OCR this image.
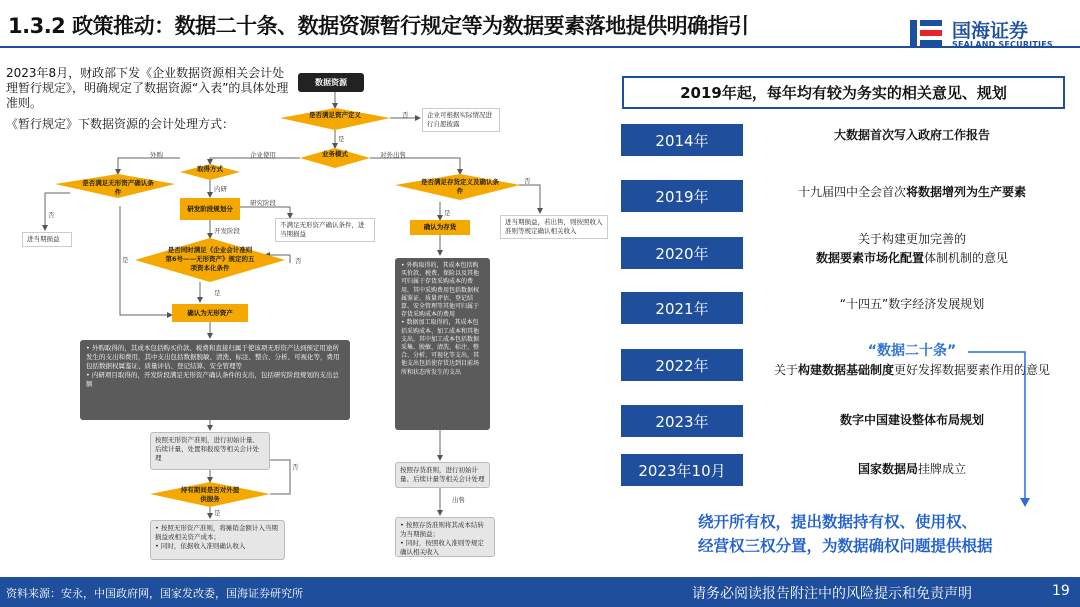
1.3.2 政策推动：数据二十条、数据资源暂行规定等为数据要素落地提供明确指引	国海证券
SEALAND SECURITIES

2023年8月，财政部下发《企业数据资源相关会计处理暂行规定》，明确规定了数据资源“入表”的具体处理准则。

《暂行规定》下数据资源的会计处理方式：

数据资源
是否满足资产定义	否	企业可根据实际情况进行自愿披露
是
业务模式
外购	企业使用	对外出售
取得方式
内研
是否满足无形资产确认条件
否
进当期损益
研究阶段
研发阶段规划分
不满足无形资产确认条件，进当期损益
开发阶段
是否同时满足《企业会计准则第6号——无形资产》规定的五项资本化条件
否
是
是
确认为无形资产
• 外购取得的，其成本包括购买价款、税费和直接归属于使该项无形资产达到预定用途所发生的支出和费用，其中支出包括数据脱敏、清洗、标注、整合、分析、可视化等，费用包括数据权属鉴证、质量评估、登记结算、安全管理等
• 内研项目取得的，开发阶段满足无形资产确认条件的支出，包括研究阶段规划的支出总额
按照无形资产准则，进行初始计量、后续计量、处置和报废等相关会计处理
持有期间是否对外提供服务
否
是
• 按照无形资产准则，将摊销金额计入当期损益或相关资产成本；
• 同时，依据收入准则确认收入
是否满足存货定义及确认条件
否
进当期损益，若出售，则按照收入准则等规定确认相关收入
是
确认为存货
• 外购取得的，其成本包括购买价款、税费、保险以及其他可归属于存货采购成本的费用，其中采购费用包括数据权属鉴证、质量评估、登记结算、安全管理等其他可归属于存货采购成本的费用
• 数据加工取得的，其成本包括采购成本、加工成本和其他支出，其中加工成本包括数据采集、脱敏、清洗、标注、整合、分析、可视化等支出，其他支出包括使存货达到目前场所和状态所发生的支出
按照存货准则，进行初始计量、后续计量等相关会计处理
出售
• 按照存货准则将其成本结转为当期损益；
• 同时，按照收入准则等规定确认相关收入
2019年起，每年均有较为务实的相关意见、规划
2014年	大数据首次写入政府工作报告
2019年	十九届四中全会首次将数据增列为生产要素
2020年
关于构建更加完善的
数据要素市场化配置体制机制的意见
2021年	“十四五”数字经济发展规划
2022年
“数据二十条”
关于构建数据基础制度更好发挥数据要素作用的意见
2023年	数字中国建设整体布局规划
2023年10月	国家数据局挂牌成立
绕开所有权，提出数据持有权、使用权、
经营权三权分置，为数据确权问题提供根据
资料来源：安永，中国政府网，国家发改委，国海证券研究所	请务必阅读报告附注中的风险提示和免责声明	19
